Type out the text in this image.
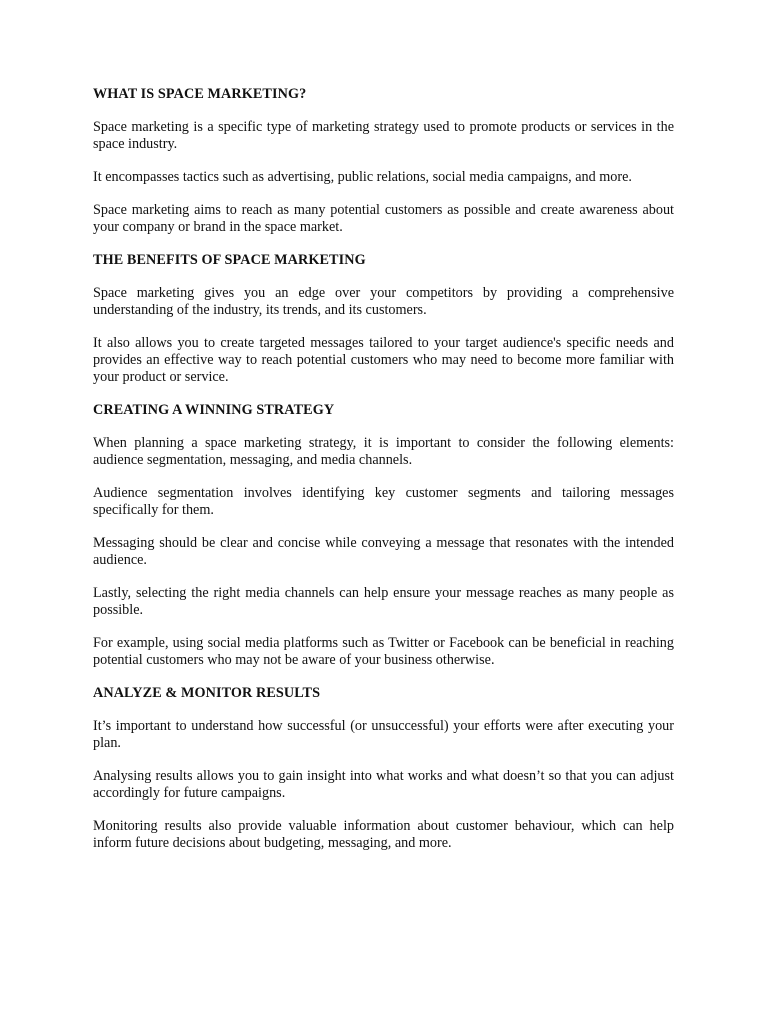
WHAT IS SPACE MARKETING?

Space marketing is a specific type of marketing strategy used to promote products or services in the space industry.

It encompasses tactics such as advertising, public relations, social media campaigns, and more.

Space marketing aims to reach as many potential customers as possible and create awareness about your company or brand in the space market.

THE BENEFITS OF SPACE MARKETING

Space marketing gives you an edge over your competitors by providing a comprehensive understanding of the industry, its trends, and its customers.

It also allows you to create targeted messages tailored to your target audience's specific needs and provides an effective way to reach potential customers who may need to become more familiar with your product or service.

CREATING A WINNING STRATEGY

When planning a space marketing strategy, it is important to consider the following elements: audience segmentation, messaging, and media channels.

Audience segmentation involves identifying key customer segments and tailoring messages specifically for them.

Messaging should be clear and concise while conveying a message that resonates with the intended audience.

Lastly, selecting the right media channels can help ensure your message reaches as many people as possible.

For example, using social media platforms such as Twitter or Facebook can be beneficial in reaching potential customers who may not be aware of your business otherwise.

ANALYZE & MONITOR RESULTS

It’s important to understand how successful (or unsuccessful) your efforts were after executing your plan.

Analysing results allows you to gain insight into what works and what doesn’t so that you can adjust accordingly for future campaigns.

Monitoring results also provide valuable information about customer behaviour, which can help inform future decisions about budgeting, messaging, and more.
